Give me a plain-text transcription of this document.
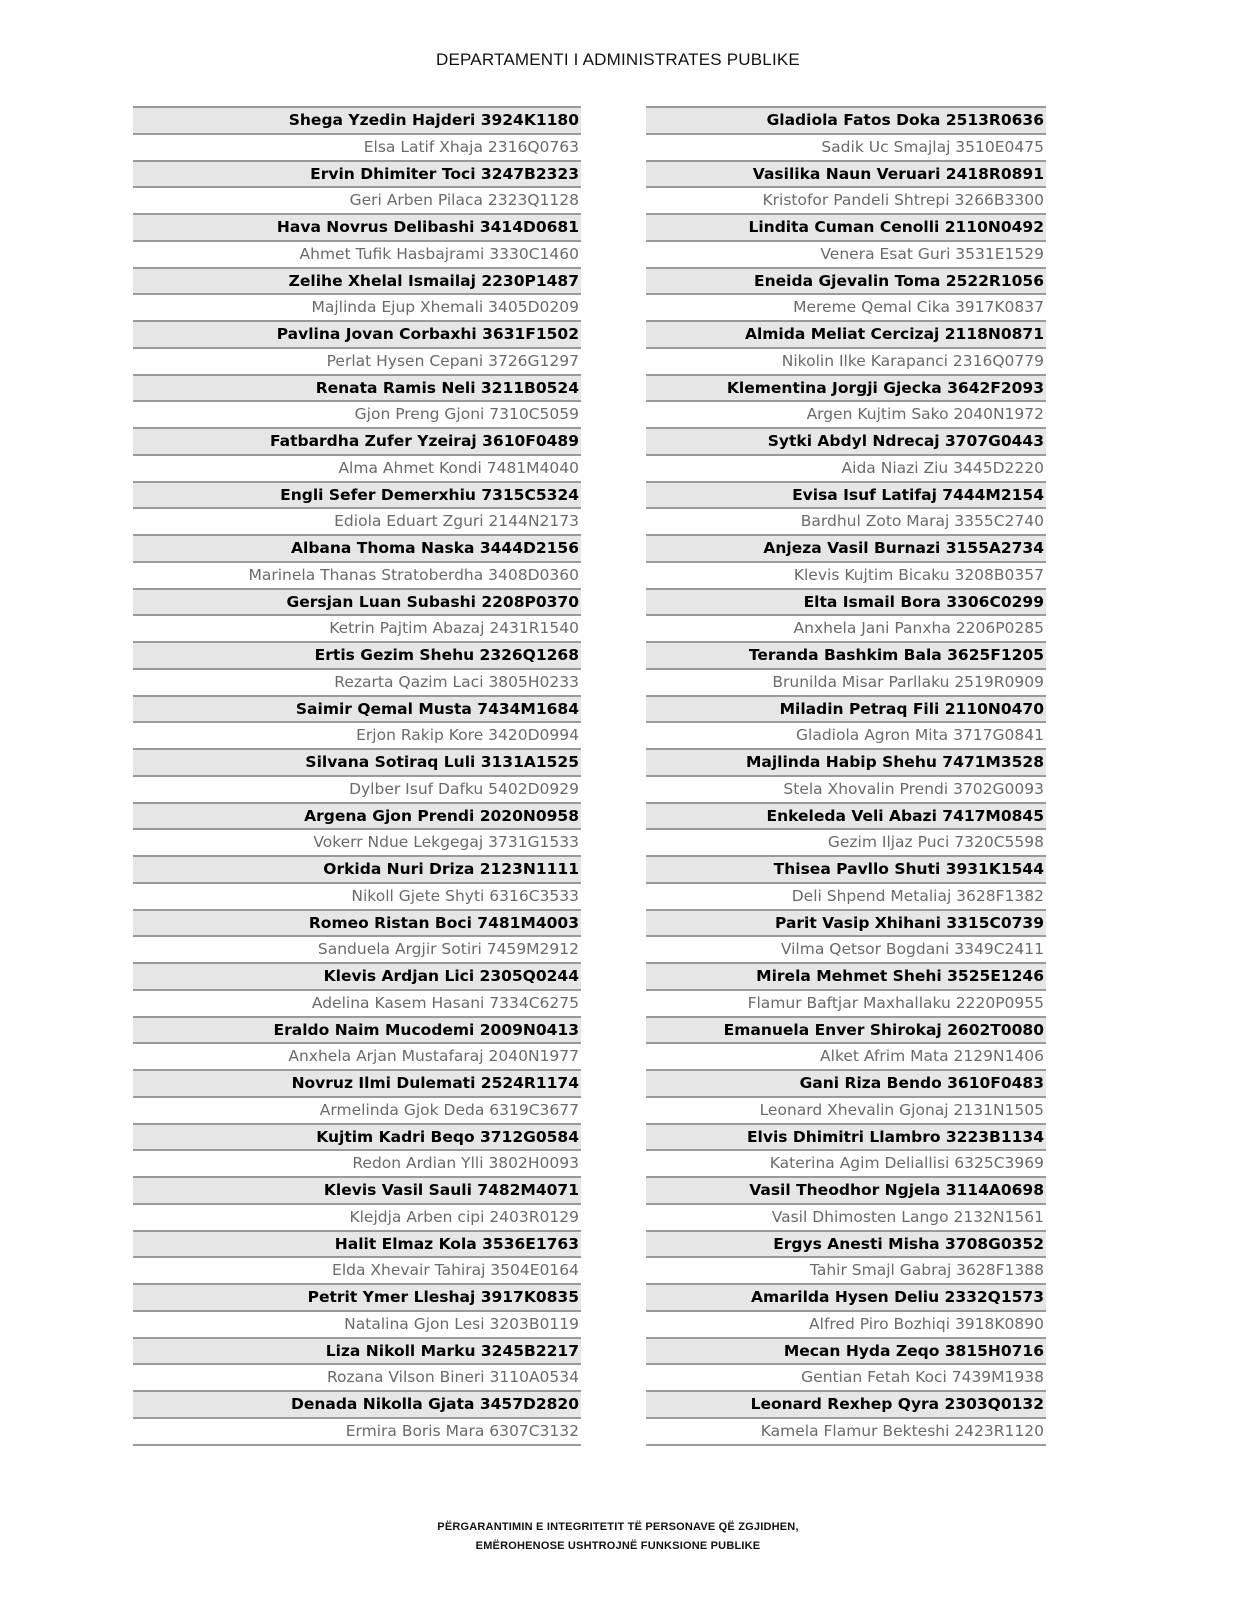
DEPARTAMENTI I ADMINISTRATES PUBLIKE
Shega Yzedin Hajderi 3924K1180
Elsa Latif Xhaja 2316Q0763
Ervin Dhimiter Toci 3247B2323
Geri Arben Pilaca 2323Q1128
Hava Novrus Delibashi 3414D0681
Ahmet Tufik Hasbajrami 3330C1460
Zelihe Xhelal Ismailaj 2230P1487
Majlinda Ejup Xhemali 3405D0209
Pavlina Jovan Corbaxhi 3631F1502
Perlat Hysen Cepani 3726G1297
Renata Ramis Neli 3211B0524
Gjon Preng Gjoni 7310C5059
Fatbardha Zufer Yzeiraj 3610F0489
Alma Ahmet Kondi 7481M4040
Engli Sefer Demerxhiu 7315C5324
Ediola Eduart Zguri 2144N2173
Albana Thoma Naska 3444D2156
Marinela Thanas Stratoberdha 3408D0360
Gersjan Luan Subashi 2208P0370
Ketrin Pajtim Abazaj 2431R1540
Ertis Gezim Shehu 2326Q1268
Rezarta Qazim Laci 3805H0233
Saimir Qemal Musta 7434M1684
Erjon Rakip Kore 3420D0994
Silvana Sotiraq Luli 3131A1525
Dylber Isuf Dafku 5402D0929
Argena Gjon Prendi 2020N0958
Vokerr Ndue Lekgegaj 3731G1533
Orkida Nuri Driza 2123N1111
Nikoll Gjete Shyti 6316C3533
Romeo Ristan Boci 7481M4003
Sanduela Argjir Sotiri 7459M2912
Klevis Ardjan Lici 2305Q0244
Adelina Kasem Hasani 7334C6275
Eraldo Naim Mucodemi 2009N0413
Anxhela Arjan Mustafaraj 2040N1977
Novruz Ilmi Dulemati 2524R1174
Armelinda Gjok Deda 6319C3677
Kujtim Kadri Beqo 3712G0584
Redon Ardian Ylli 3802H0093
Klevis Vasil Sauli 7482M4071
Klejdja Arben cipi 2403R0129
Halit Elmaz Kola 3536E1763
Elda Xhevair Tahiraj 3504E0164
Petrit Ymer Lleshaj 3917K0835
Natalina Gjon Lesi 3203B0119
Liza Nikoll Marku 3245B2217
Rozana Vilson Bineri 3110A0534
Denada Nikolla Gjata 3457D2820
Ermira Boris Mara 6307C3132
Gladiola Fatos Doka 2513R0636
Sadik Uc Smajlaj 3510E0475
Vasilika Naun Veruari 2418R0891
Kristofor Pandeli Shtrepi 3266B3300
Lindita Cuman Cenolli 2110N0492
Venera Esat Guri 3531E1529
Eneida Gjevalin Toma 2522R1056
Mereme Qemal Cika 3917K0837
Almida Meliat Cercizaj 2118N0871
Nikolin Ilke Karapanci 2316Q0779
Klementina Jorgji Gjecka 3642F2093
Argen Kujtim Sako 2040N1972
Sytki Abdyl Ndrecaj 3707G0443
Aida Niazi Ziu 3445D2220
Evisa Isuf Latifaj 7444M2154
Bardhul Zoto Maraj 3355C2740
Anjeza Vasil Burnazi 3155A2734
Klevis Kujtim Bicaku 3208B0357
Elta Ismail Bora 3306C0299
Anxhela Jani Panxha 2206P0285
Teranda Bashkim Bala 3625F1205
Brunilda Misar Parllaku 2519R0909
Miladin Petraq Fili 2110N0470
Gladiola Agron Mita 3717G0841
Majlinda Habip Shehu 7471M3528
Stela Xhovalin Prendi 3702G0093
Enkeleda Veli Abazi 7417M0845
Gezim Iljaz Puci 7320C5598
Thisea Pavllo Shuti 3931K1544
Deli Shpend Metaliaj 3628F1382
Parit Vasip Xhihani 3315C0739
Vilma Qetsor Bogdani 3349C2411
Mirela Mehmet Shehi 3525E1246
Flamur Baftjar Maxhallaku 2220P0955
Emanuela Enver Shirokaj 2602T0080
Alket Afrim Mata 2129N1406
Gani Riza Bendo 3610F0483
Leonard Xhevalin Gjonaj 2131N1505
Elvis Dhimitri Llambro 3223B1134
Katerina Agim Deliallisi 6325C3969
Vasil Theodhor Ngjela 3114A0698
Vasil Dhimosten Lango 2132N1561
Ergys Anesti Misha 3708G0352
Tahir Smajl Gabraj 3628F1388
Amarilda Hysen Deliu 2332Q1573
Alfred Piro Bozhiqi 3918K0890
Mecan Hyda Zeqo 3815H0716
Gentian Fetah Koci 7439M1938
Leonard Rexhep Qyra 2303Q0132
Kamela Flamur Bekteshi 2423R1120
PËRGARANTIMIN E INTEGRITETIT TË PERSONAVE QË ZGJIDHEN,
EMËROHENOSE USHTROJNË FUNKSIONE PUBLIKE
